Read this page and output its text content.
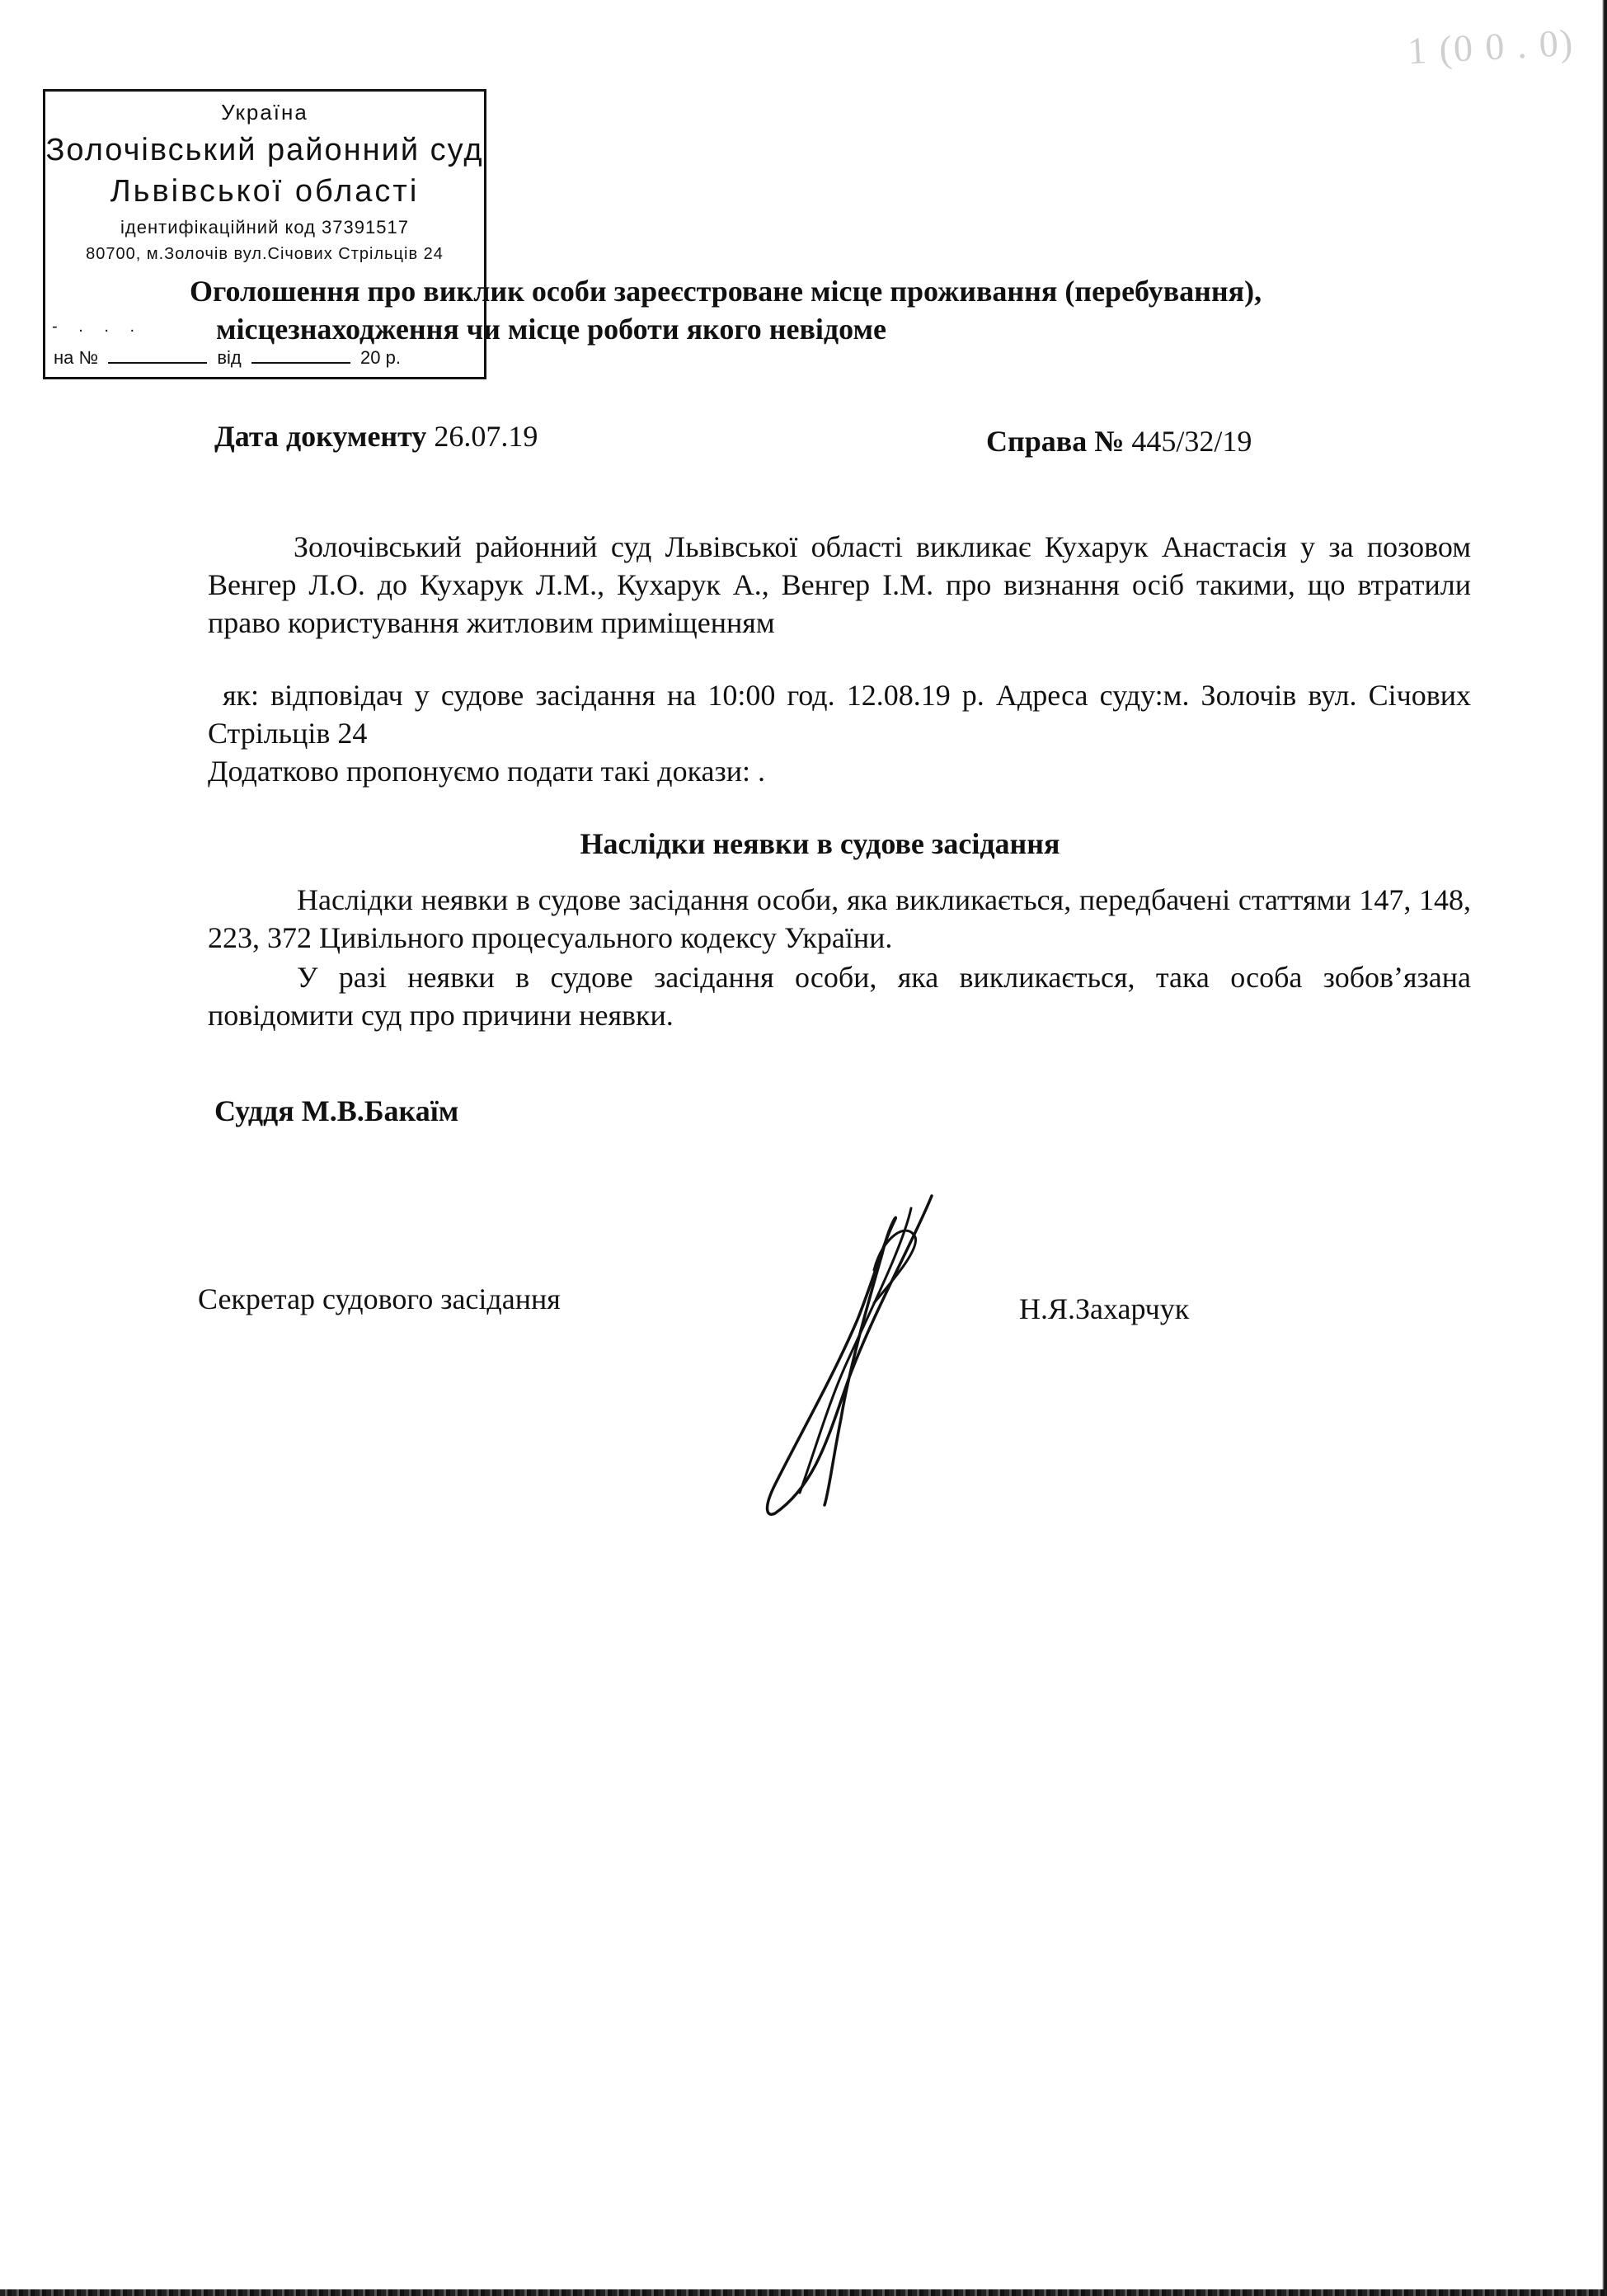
1 (0 0 . 0)
Україна
Золочівський районний суд
Львівської області
ідентифікаційний код 37391517
80700, м.Золочів вул.Січових Стрільців 24
- . . .
на №	від	20 р.
Оголошення про виклик особи зареєстроване місце проживання (перебування),
місцезнаходження чи місце роботи якого невідоме
Дата документу 26.07.19	Справа № 445/32/19
Золочівський районний суд Львівської області викликає Кухарук Анастасія у за позовом Венгер Л.О. до Кухарук Л.М., Кухарук А., Венгер І.М. про визнання осіб такими, що втратили право користування житловим приміщенням
як: відповідач у судове засідання на 10:00 год. 12.08.19 р. Адреса суду:м. Золочів вул. Січових Стрільців 24
Додатково пропонуємо подати такі докази: .
Наслідки неявки в судове засідання
Наслідки неявки в судове засідання особи, яка викликається, передбачені статтями 147, 148, 223, 372 Цивільного процесуального кодексу України.
У разі неявки в судове засідання особи, яка викликається, така особа зобов’язана повідомити суд про причини неявки.
Суддя М.В.Бакаїм
Секретар судового засідання	Н.Я.Захарчук
